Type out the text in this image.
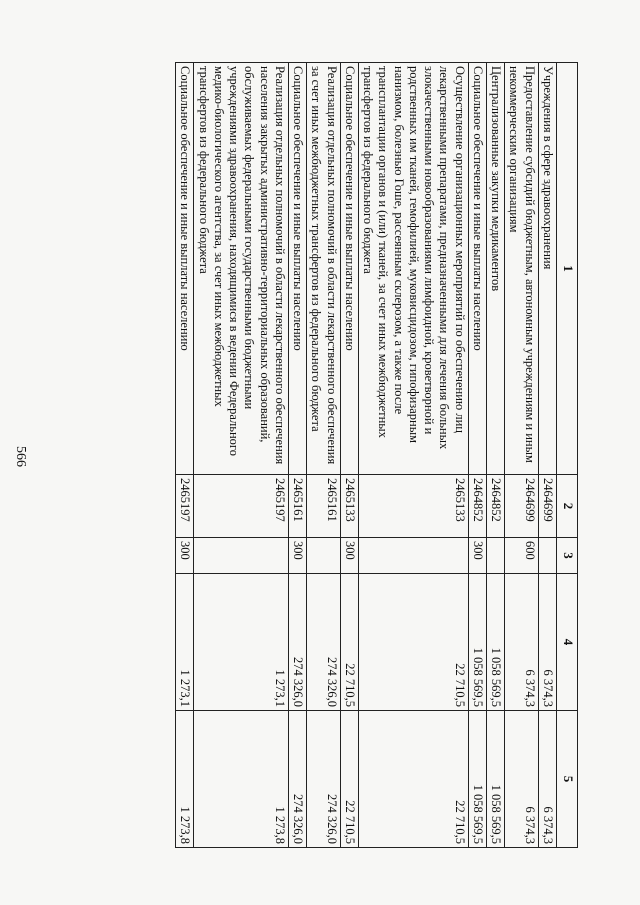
566
1	2	3	4	5
Учреждения в сфере здравоохранения	2464699		6 374,3	6 374,3
Предоставление субсидий бюджетным, автономным учреждениям и иным некоммерческим организациям	2464699	600	6 374,3	6 374,3
Централизованные закупки медикаментов	2464852		1 058 569,5	1 058 569,5
Социальное обеспечение и иные выплаты населению	2464852	300	1 058 569,5	1 058 569,5
Осуществление организационных мероприятий по обеспечению лиц лекарственными препаратами, предназначенными для лечения больных злокачественными новообразованиями лимфоидной, кроветворной и родственных им тканей, гемофилией, муковисцидозом, гипофизарным нанизмом, болезнью Гоше, рассеянным склерозом, а также после трансплантации органов и (или) тканей, за счет иных межбюджетных трансфертов из федерального бюджета	2465133		22 710,5	22 710,5
Социальное обеспечение и иные выплаты населению	2465133	300	22 710,5	22 710,5
Реализация отдельных полномочий в области лекарственного обеспечения за счет иных межбюджетных трансфертов из федерального бюджета	2465161		274 326,0	274 326,0
Социальное обеспечение и иные выплаты населению	2465161	300	274 326,0	274 326,0
Реализация отдельных полномочий в области лекарственного обеспечения населения закрытых административно-территориальных образований, обслуживаемых федеральными государственными бюджетными учреждениями здравоохранения, находящимися в ведении Федерального медико-биологического агентства, за счет иных межбюджетных трансфертов из федерального бюджета	2465197		1 273,1	1 273,8
Социальное обеспечение и иные выплаты населению	2465197	300	1 273,1	1 273,8
